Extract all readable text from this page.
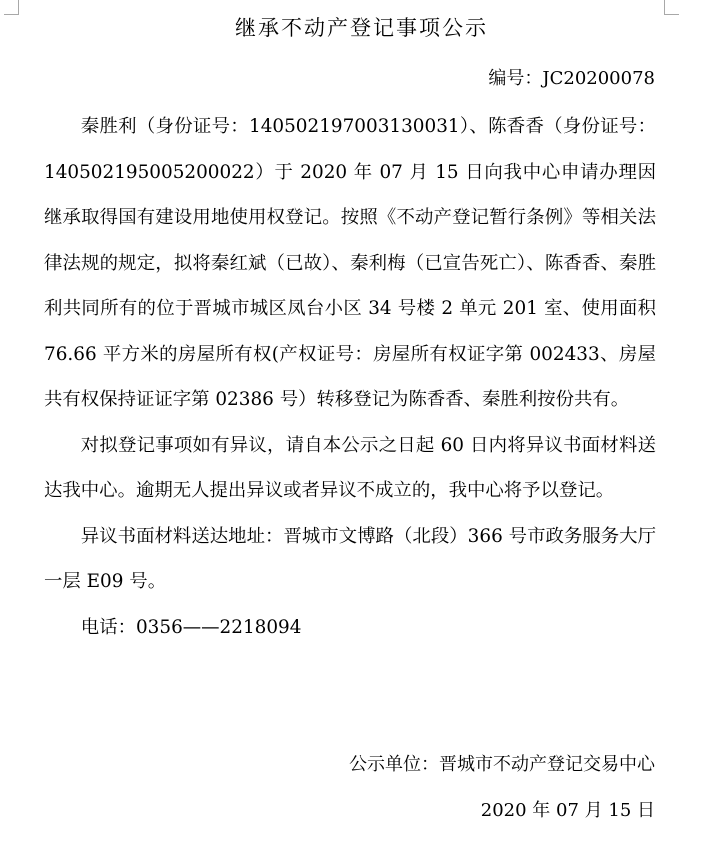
继承不动产登记事项公示
编号：JC20200078

秦胜利（身份证号：140502197003130031）、陈香香（身份证号：140502195005200022）于 2020 年 07 月 15 日向我中心申请办理因继承取得国有建设用地使用权登记。按照《不动产登记暂行条例》等相关法律法规的规定，拟将秦红斌（已故）、秦利梅（已宣告死亡）、陈香香、秦胜利共同所有的位于晋城市城区凤台小区 34 号楼 2 单元 201 室、使用面积 76.66 平方米的房屋所有权(产权证号：房屋所有权证字第 002433、房屋共有权保持证证字第 02386 号）转移登记为陈香香、秦胜利按份共有。

对拟登记事项如有异议，请自本公示之日起 60 日内将异议书面材料送达我中心。逾期无人提出异议或者异议不成立的，我中心将予以登记。

异议书面材料送达地址：晋城市文博路（北段）366 号市政务服务大厅一层 E09 号。

电话：0356——2218094

公示单位：晋城市不动产登记交易中心
2020 年 07 月 15 日
